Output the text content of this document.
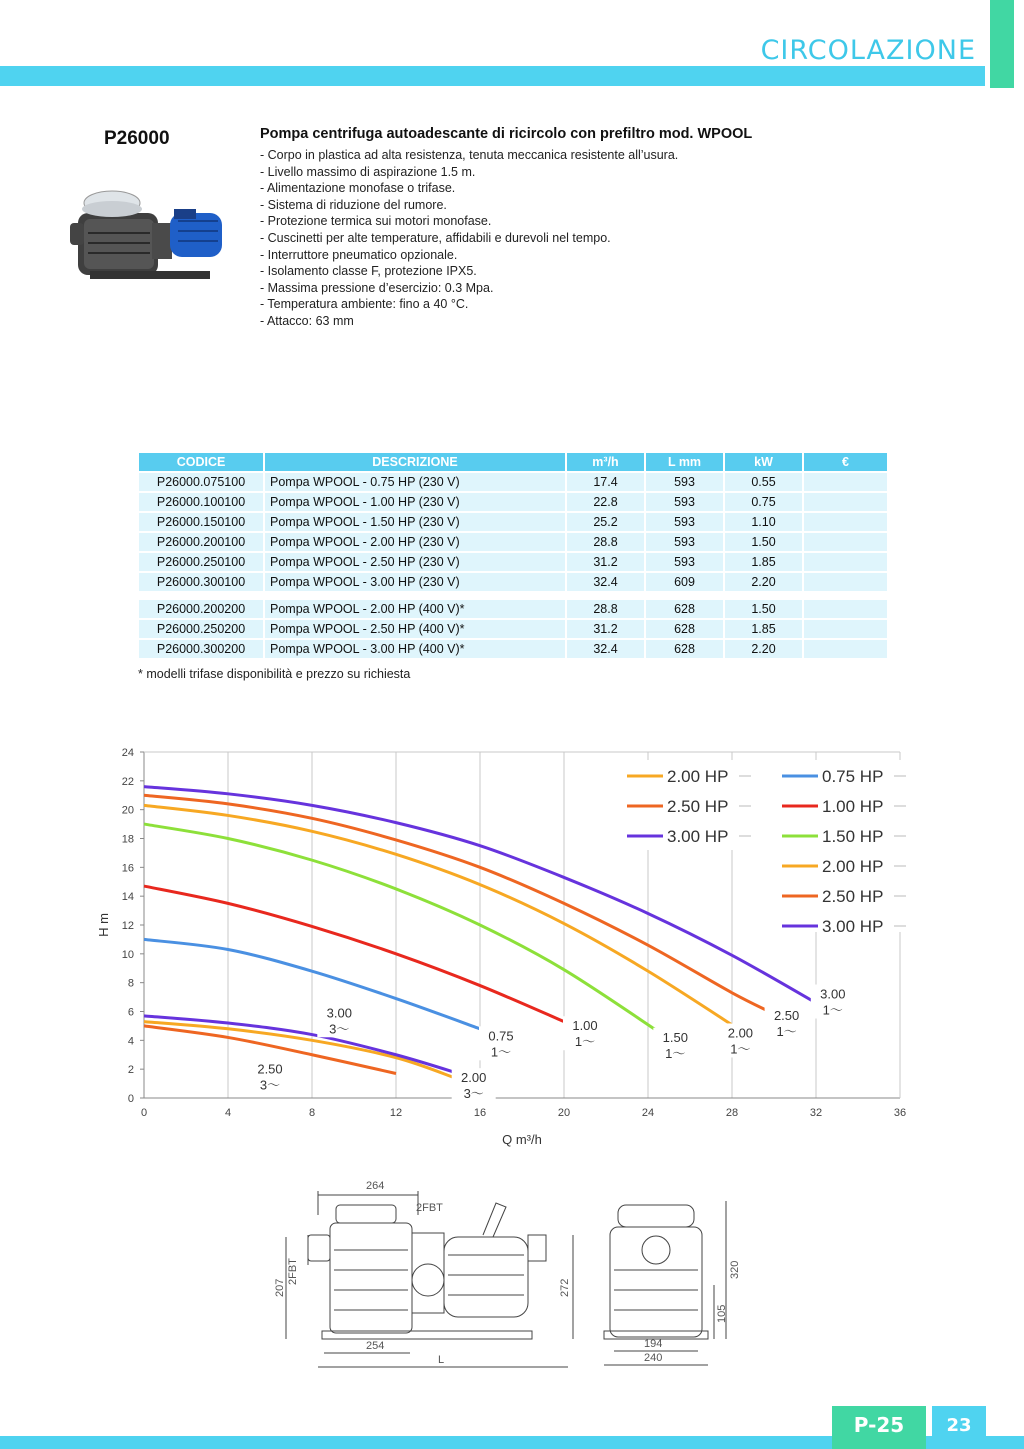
CIRCOLAZIONE
P26000	Pompa centrifuga autoadescante di ricircolo con prefiltro mod. WPOOL
- Corpo in plastica ad alta resistenza, tenuta meccanica resistente all’usura.
- Livello massimo di aspirazione 1.5 m.
- Alimentazione monofase o trifase.
- Sistema di riduzione del rumore.
- Protezione termica sui motori monofase.
- Cuscinetti per alte temperature, affidabili e durevoli nel tempo.
- Interruttore pneumatico opzionale.
- Isolamento classe F, protezione IPX5.
- Massima pressione d’esercizio: 0.3 Mpa.
- Temperatura ambiente: fino a 40 °C.
- Attacco: 63 mm
CODICE	DESCRIZIONE	m³/h	L mm	kW	€
P26000.075100	Pompa WPOOL - 0.75 HP (230 V)	17.4	593	0.55	
P26000.100100	Pompa WPOOL - 1.00 HP (230 V)	22.8	593	0.75	
P26000.150100	Pompa WPOOL - 1.50 HP (230 V)	25.2	593	1.10	
P26000.200100	Pompa WPOOL - 2.00 HP (230 V)	28.8	593	1.50	
P26000.250100	Pompa WPOOL - 2.50 HP (230 V)	31.2	593	1.85	
P26000.300100	Pompa WPOOL - 3.00 HP (230 V)	32.4	609	2.20	

P26000.200200	Pompa WPOOL - 2.00 HP (400 V)*	28.8	628	1.50	
P26000.250200	Pompa WPOOL - 2.50 HP (400 V)*	31.2	628	1.85	
P26000.300200	Pompa WPOOL - 3.00 HP (400 V)*	32.4	628	2.20	
* modelli trifase disponibilità e prezzo su richiesta
0	4	8	12	16	20	24	28	32	36
0
2
4
6
8
10
12
14
16
18
20
22
24
0.75
1～
1.00
1～	1.50
1～
2.00
1～
2.50
1～
3.00
1～
2.00
3～
2.50
3～
3.00
3～
2.00 HP
2.50 HP
3.00 HP
0.75 HP
1.00 HP
1.50 HP
2.00 HP
2.50 HP
3.00 HP
Q m³/h
H m
264
2FBT
2FBT
207	272
254
L
320
105
194
240
P-25	23
